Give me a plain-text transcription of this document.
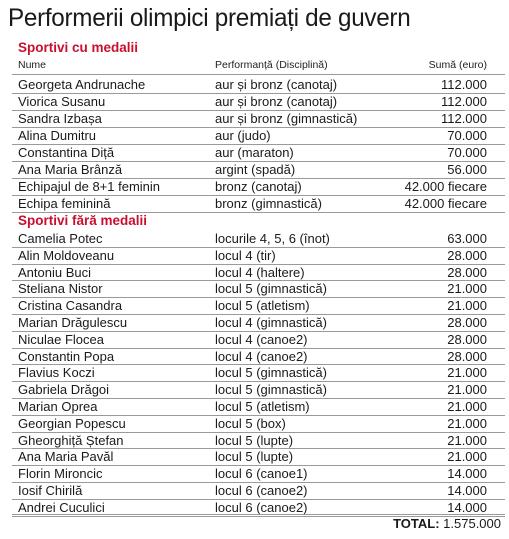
Performerii olimpici premiați de guvern
Sportivi cu medalii
Nume	Performanță (Disciplină)	Sumă (euro)
Georgeta Andrunache	aur și bronz (canotaj)	112.000
Viorica Susanu	aur și bronz (canotaj)	112.000
Sandra Izbașa	aur și bronz (gimnastică)	112.000
Alina Dumitru	aur (judo)	70.000
Constantina Diță	aur (maraton)	70.000
Ana Maria Brânză	argint (spadă)	56.000
Echipajul de 8+1 feminin	bronz (canotaj)	42.000 fiecare
Echipa feminină	bronz (gimnastică)	42.000 fiecare
Sportivi fără medalii
Camelia Potec	locurile 4, 5, 6 (înot)	63.000
Alin Moldoveanu	locul 4 (tir)	28.000
Antoniu Buci	locul 4 (haltere)	28.000
Steliana Nistor	locul 5 (gimnastică)	21.000
Cristina Casandra	locul 5 (atletism)	21.000
Marian Drăgulescu	locul 4 (gimnastică)	28.000
Niculae Flocea	locul 4 (canoe2)	28.000
Constantin Popa	locul 4 (canoe2)	28.000
Flavius Koczi	locul 5 (gimnastică)	21.000
Gabriela Drăgoi	locul 5 (gimnastică)	21.000
Marian Oprea	locul 5 (atletism)	21.000
Georgian Popescu	locul 5 (box)	21.000
Gheorghiță Ștefan	locul 5 (lupte)	21.000
Ana Maria Pavăl	locul 5 (lupte)	21.000
Florin Mironcic	locul 6 (canoe1)	14.000
Iosif Chirilă	locul 6 (canoe2)	14.000
Andrei Cuculici	locul 6 (canoe2)	14.000
TOTAL: 1.575.000
